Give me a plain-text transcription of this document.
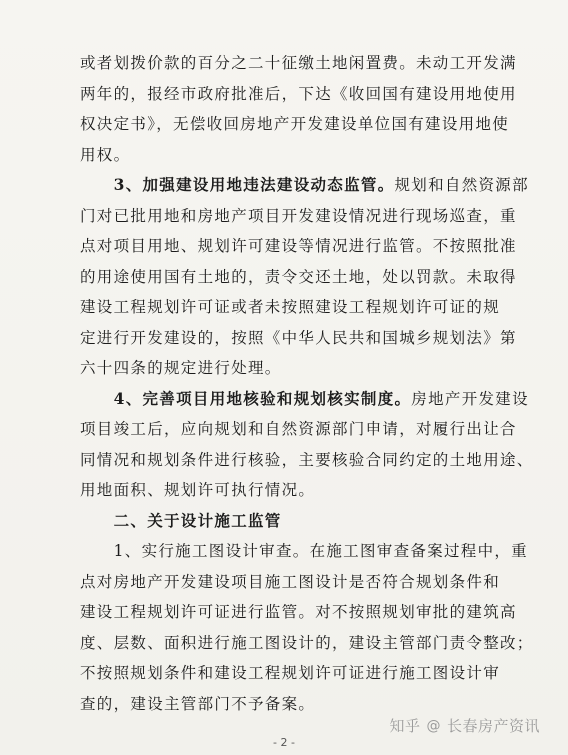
或者划拨价款的百分之二十征缴土地闲置费。未动工开发满
两年的，报经市政府批准后，下达《收回国有建设用地使用
权决定书》，无偿收回房地产开发建设单位国有建设用地使
用权。

  3、加强建设用地违法建设动态监管。规划和自然资源部
门对已批用地和房地产项目开发建设情况进行现场巡查，重
点对项目用地、规划许可建设等情况进行监管。不按照批准
的用途使用国有土地的，责令交还土地，处以罚款。未取得
建设工程规划许可证或者未按照建设工程规划许可证的规
定进行开发建设的，按照《中华人民共和国城乡规划法》第
六十四条的规定进行处理。

  4、完善项目用地核验和规划核实制度。房地产开发建设
项目竣工后，应向规划和自然资源部门申请，对履行出让合
同情况和规划条件进行核验，主要核验合同约定的土地用途、
用地面积、规划许可执行情况。

  二、关于设计施工监管

  1、实行施工图设计审查。在施工图审查备案过程中，重
点对房地产开发建设项目施工图设计是否符合规划条件和
建设工程规划许可证进行监管。对不按照规划审批的建筑高
度、层数、面积进行施工图设计的，建设主管部门责令整改；
不按照规划条件和建设工程规划许可证进行施工图设计审
查的，建设主管部门不予备案。

知乎 @ 长春房产资讯
- 2 -
